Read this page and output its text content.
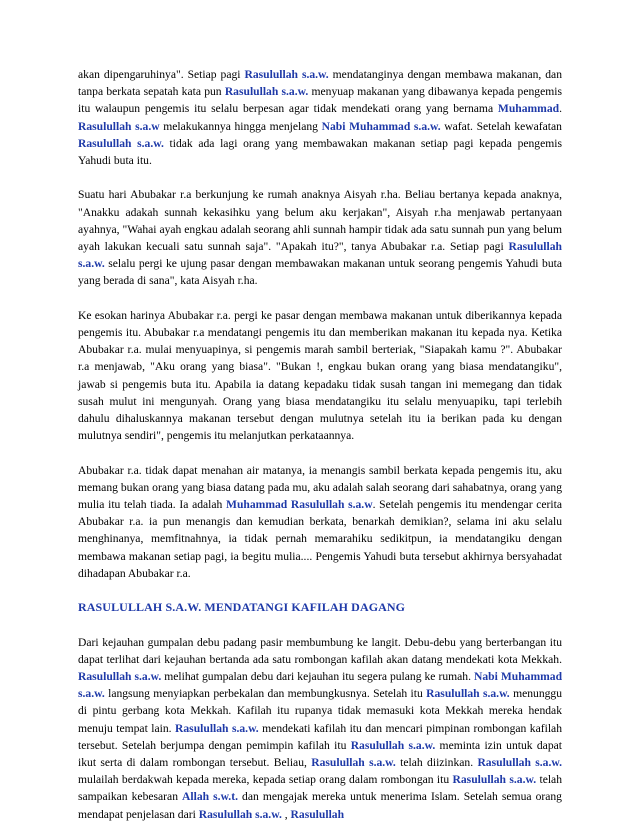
akan dipengaruhinya". Setiap pagi Rasulullah s.a.w. mendatanginya dengan membawa makanan, dan tanpa berkata sepatah kata pun Rasulullah s.a.w. menyuap makanan yang dibawanya kepada pengemis itu walaupun pengemis itu selalu berpesan agar tidak mendekati orang yang bernama Muhammad. Rasulullah s.a.w melakukannya hingga menjelang Nabi Muhammad s.a.w. wafat. Setelah kewafatan Rasulullah s.a.w. tidak ada lagi orang yang membawakan makanan setiap pagi kepada pengemis Yahudi buta itu.

Suatu hari Abubakar r.a berkunjung ke rumah anaknya Aisyah r.ha. Beliau bertanya kepada anaknya, "Anakku adakah sunnah kekasihku yang belum aku kerjakan", Aisyah r.ha menjawab pertanyaan ayahnya, "Wahai ayah engkau adalah seorang ahli sunnah hampir tidak ada satu sunnah pun yang belum ayah lakukan kecuali satu sunnah saja". "Apakah itu?", tanya Abubakar r.a. Setiap pagi Rasulullah s.a.w. selalu pergi ke ujung pasar dengan membawakan makanan untuk seorang pengemis Yahudi buta yang berada di sana", kata Aisyah r.ha.

Ke esokan harinya Abubakar r.a. pergi ke pasar dengan membawa makanan untuk diberikannya kepada pengemis itu. Abubakar r.a mendatangi pengemis itu dan memberikan makanan itu kepada nya. Ketika Abubakar r.a. mulai menyuapinya, si pengemis marah sambil berteriak, "Siapakah kamu ?". Abubakar r.a menjawab, "Aku orang yang biasa". "Bukan !, engkau bukan orang yang biasa mendatangiku", jawab si pengemis buta itu. Apabila ia datang kepadaku tidak susah tangan ini memegang dan tidak susah mulut ini mengunyah. Orang yang biasa mendatangiku itu selalu menyuapiku, tapi terlebih dahulu dihaluskannya makanan tersebut dengan mulutnya setelah itu ia berikan pada ku dengan mulutnya sendiri", pengemis itu melanjutkan perkataannya.

Abubakar r.a. tidak dapat menahan air matanya, ia menangis sambil berkata kepada pengemis itu, aku memang bukan orang yang biasa datang pada mu, aku adalah salah seorang dari sahabatnya, orang yang mulia itu telah tiada. Ia adalah Muhammad Rasulullah s.a.w. Setelah pengemis itu mendengar cerita Abubakar r.a. ia pun menangis dan kemudian berkata, benarkah demikian?, selama ini aku selalu menghinanya, memfitnahnya, ia tidak pernah memarahiku sedikitpun, ia mendatangiku dengan membawa makanan setiap pagi, ia begitu mulia.... Pengemis Yahudi buta tersebut akhirnya bersyahadat dihadapan Abubakar r.a.

RASULULLAH S.A.W. MENDATANGI KAFILAH DAGANG

Dari kejauhan gumpalan debu padang pasir membumbung ke langit. Debu-debu yang berterbangan itu dapat terlihat dari kejauhan bertanda ada satu rombongan kafilah akan datang mendekati kota Mekkah. Rasulullah s.a.w. melihat gumpalan debu dari kejauhan itu segera pulang ke rumah. Nabi Muhammad s.a.w. langsung menyiapkan perbekalan dan membungkusnya. Setelah itu Rasulullah s.a.w. menunggu di pintu gerbang kota Mekkah. Kafilah itu rupanya tidak memasuki kota Mekkah mereka hendak menuju tempat lain. Rasulullah s.a.w. mendekati kafilah itu dan mencari pimpinan rombongan kafilah tersebut. Setelah berjumpa dengan pemimpin kafilah itu Rasulullah s.a.w. meminta izin untuk dapat ikut serta di dalam rombongan tersebut. Beliau, Rasulullah s.a.w. telah diizinkan. Rasulullah s.a.w. mulailah berdakwah kepada mereka, kepada setiap orang dalam rombongan itu Rasulullah s.a.w. telah sampaikan kebesaran Allah s.w.t. dan mengajak mereka untuk menerima Islam. Setelah semua orang mendapat penjelasan dari Rasulullah s.a.w. , Rasulullah
